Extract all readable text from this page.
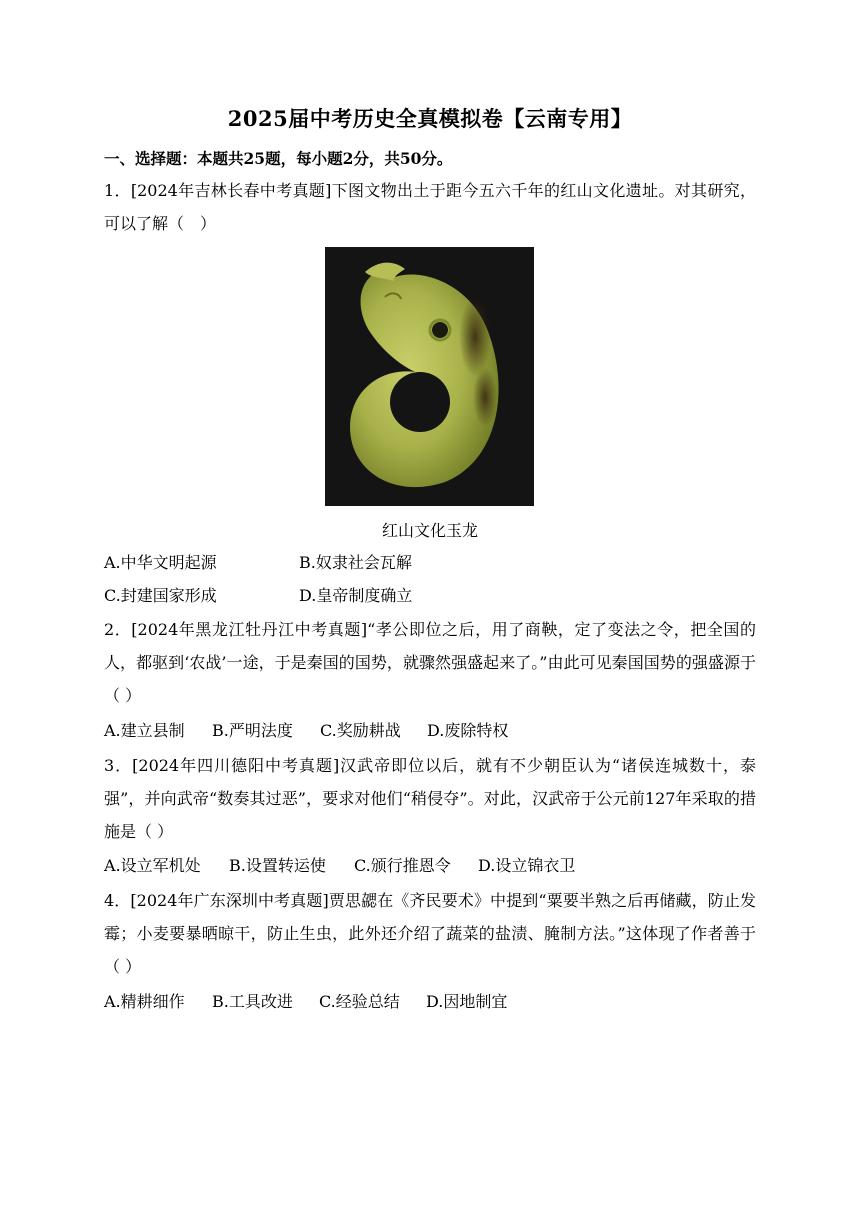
2025届中考历史全真模拟卷【云南专用】
一、选择题：本题共25题，每小题2分，共50分。
1．[2024年吉林长春中考真题]下图文物出土于距今五六千年的红山文化遗址。对其研究，可以了解（　）
红山文化玉龙
A.中华文明起源	B.奴隶社会瓦解
C.封建国家形成	D.皇帝制度确立
2．[2024年黑龙江牡丹江中考真题]“孝公即位之后，用了商鞅，定了变法之令，把全国的人，都驱到‘农战’一途，于是秦国的国势，就骤然强盛起来了。”由此可见秦国国势的强盛源于（ ）
A.建立县制 B.严明法度 C.奖励耕战 D.废除特权
3．[2024年四川德阳中考真题]汉武帝即位以后，就有不少朝臣认为“诸侯连城数十，泰强”，并向武帝“数奏其过恶”，要求对他们“稍侵夺”。对此，汉武帝于公元前127年采取的措施是（ ）
A.设立军机处 B.设置转运使 C.颁行推恩令 D.设立锦衣卫
4．[2024年广东深圳中考真题]贾思勰在《齐民要术》中提到“粟要半熟之后再储藏，防止发霉；小麦要暴晒晾干，防止生虫，此外还介绍了蔬菜的盐渍、腌制方法。”这体现了作者善于（ ）
A.精耕细作 B.工具改进 C.经验总结 D.因地制宜
